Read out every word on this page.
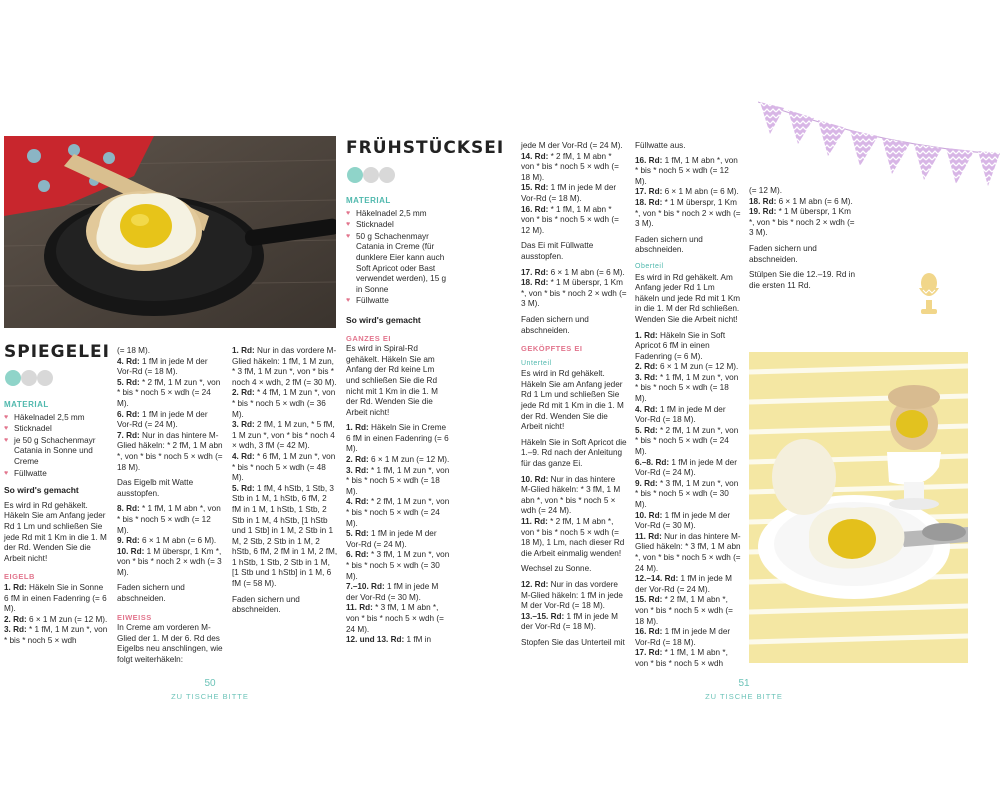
SPIEGELEI
MATERIAL
♥ Häkelnadel 2,5 mm
♥ Sticknadel
♥ je 50 g Schachenmayr Catania in Sonne und Creme
♥ Füllwatte
So wird's gemacht
Es wird in Rd gehäkelt. Häkeln Sie am Anfang jeder Rd 1 Lm und schließen Sie jede Rd mit 1 Km in die 1. M der Rd. Wenden Sie die Arbeit nicht!
EIGELB
1. Rd: Häkeln Sie in Sonne 6 fM in einen Fadenring (= 6 M).
2. Rd: 6 × 1 M zun (= 12 M).
3. Rd: * 1 fM, 1 M zun *, von * bis * noch 5 × wdh
(= 18 M).
4. Rd: 1 fM in jede M der Vor-Rd (= 18 M).
5. Rd: * 2 fM, 1 M zun *, von * bis * noch 5 × wdh (= 24 M).
6. Rd: 1 fM in jede M der Vor-Rd (= 24 M).
7. Rd: Nur in das hintere M-Glied häkeln: * 2 fM, 1 M abn *, von * bis * noch 5 × wdh (= 18 M).
Das Eigelb mit Watte ausstopfen.
8. Rd: * 1 fM, 1 M abn *, von * bis * noch 5 × wdh (= 12 M).
9. Rd: 6 × 1 M abn (= 6 M).
10. Rd: 1 M überspr, 1 Km *, von * bis * noch 2 × wdh (= 3 M).
Faden sichern und abschneiden.
EIWEISS
In Creme am vorderen M-Glied der 1. M der 6. Rd des Eigelbs neu anschlingen, wie folgt weiterhäkeln:
1. Rd: Nur in das vordere M-Glied häkeln: 1 fM, 1 M zun, * 3 fM, 1 M zun *, von * bis * noch 4 × wdh, 2 fM (= 30 M).
2. Rd: * 4 fM, 1 M zun *, von * bis * noch 5 × wdh (= 36 M).
3. Rd: 2 fM, 1 M zun, * 5 fM, 1 M zun *, von * bis * noch 4 × wdh, 3 fM (= 42 M).
4. Rd: * 6 fM, 1 M zun *, von * bis * noch 5 × wdh (= 48 M).
5. Rd: 1 fM, 4 hStb, 1 Stb, 3 Stb in 1 M, 1 hStb, 6 fM, 2 fM in 1 M, 1 hStb, 1 Stb, 2 Stb in 1 M, 4 hStb, [1 hStb und 1 Stb] in 1 M, 2 Stb in 1 M, 2 Stb, 2 Stb in 1 M, 2 hStb, 6 fM, 2 fM in 1 M, 2 fM, 1 hStb, 1 Stb, 2 Stb in 1 M, [1 Stb und 1 hStb] in 1 M, 6 fM (= 58 M).
Faden sichern und abschneiden.
FRÜHSTÜCKSEI
MATERIAL
♥ Häkelnadel 2,5 mm
♥ Sticknadel
♥ 50 g Schachenmayr Catania in Creme (für dunklere Eier kann auch Soft Apricot oder Bast verwendet werden), 15 g in Sonne
♥ Füllwatte
So wird's gemacht
GANZES EI
Es wird in Spiral-Rd gehäkelt. Häkeln Sie am Anfang der Rd keine Lm und schließen Sie die Rd nicht mit 1 Km in die 1. M der Rd. Wenden Sie die Arbeit nicht!
1. Rd: Häkeln Sie in Creme 6 fM in einen Fadenring (= 6 M).
2. Rd: 6 × 1 M zun (= 12 M).
3. Rd: * 1 fM, 1 M zun *, von * bis * noch 5 × wdh (= 18 M).
4. Rd: * 2 fM, 1 M zun *, von * bis * noch 5 × wdh (= 24 M).
5. Rd: 1 fM in jede M der Vor-Rd (= 24 M).
6. Rd: * 3 fM, 1 M zun *, von * bis * noch 5 × wdh (= 30 M).
7.–10. Rd: 1 fM in jede M der Vor-Rd (= 30 M).
11. Rd: * 3 fM, 1 M abn *, von * bis * noch 5 × wdh (= 24 M).
12. und 13. Rd: 1 fM in
50
ZU TISCHE BITTE
jede M der Vor-Rd (= 24 M).
14. Rd: * 2 fM, 1 M abn * von * bis * noch 5 × wdh (= 18 M).
15. Rd: 1 fM in jede M der Vor-Rd (= 18 M).
16. Rd: * 1 fM, 1 M abn * von * bis * noch 5 × wdh (= 12 M).
Das Ei mit Füllwatte ausstopfen.
17. Rd: 6 × 1 M abn (= 6 M).
18. Rd: * 1 M überspr, 1 Km *, von * bis * noch 2 × wdh (= 3 M).
Faden sichern und abschneiden.
GEKÖPFTES EI
Unterteil
Es wird in Rd gehäkelt. Häkeln Sie am Anfang jeder Rd 1 Lm und schließen Sie jede Rd mit 1 Km in die 1. M der Rd. Wenden Sie die Arbeit nicht!
Häkeln Sie in Soft Apricot die 1.–9. Rd nach der Anleitung für das ganze Ei.
10. Rd: Nur in das hintere M-Glied häkeln: * 3 fM, 1 M abn *, von * bis * noch 5 × wdh (= 24 M).
11. Rd: * 2 fM, 1 M abn *, von * bis * noch 5 × wdh (= 18 M), 1 Lm, nach dieser Rd die Arbeit einmalig wenden!
Wechsel zu Sonne.
12. Rd: Nur in das vordere M-Glied häkeln: 1 fM in jede M der Vor-Rd (= 18 M).
13.–15. Rd: 1 fM in jede M der Vor-Rd (= 18 M).
Stopfen Sie das Unterteil mit
Füllwatte aus.
16. Rd: 1 fM, 1 M abn *, von * bis * noch 5 × wdh (= 12 M).
17. Rd: 6 × 1 M abn (= 6 M).
18. Rd: * 1 M überspr, 1 Km *, von * bis * noch 2 × wdh (= 3 M).
Faden sichern und abschneiden.
Oberteil
Es wird in Rd gehäkelt. Am Anfang jeder Rd 1 Lm häkeln und jede Rd mit 1 Km in die 1. M der Rd schließen. Wenden Sie die Arbeit nicht!
1. Rd: Häkeln Sie in Soft Apricot 6 fM in einen Fadenring (= 6 M).
2. Rd: 6 × 1 M zun (= 12 M).
3. Rd: * 1 fM, 1 M zun *, von * bis * noch 5 × wdh (= 18 M).
4. Rd: 1 fM in jede M der Vor-Rd (= 18 M).
5. Rd: * 2 fM, 1 M zun *, von * bis * noch 5 × wdh (= 24 M).
6.–8. Rd: 1 fM in jede M der Vor-Rd (= 24 M).
9. Rd: * 3 fM, 1 M zun *, von * bis * noch 5 × wdh (= 30 M).
10. Rd: 1 fM in jede M der Vor-Rd (= 30 M).
11. Rd: Nur in das hintere M-Glied häkeln: * 3 fM, 1 M abn *, von * bis * noch 5 × wdh (= 24 M).
12.–14. Rd: 1 fM in jede M der Vor-Rd (= 24 M).
15. Rd: * 2 fM, 1 M abn *, von * bis * noch 5 × wdh (= 18 M).
16. Rd: 1 fM in jede M der Vor-Rd (= 18 M).
17. Rd: * 1 fM, 1 M abn *, von * bis * noch 5 × wdh
(= 12 M).
18. Rd: 6 × 1 M abn (= 6 M).
19. Rd: * 1 M überspr, 1 Km *, von * bis * noch 2 × wdh (= 3 M).
Faden sichern und abschneiden.
Stülpen Sie die 12.–19. Rd in die ersten 11 Rd.
51
ZU TISCHE BITTE
